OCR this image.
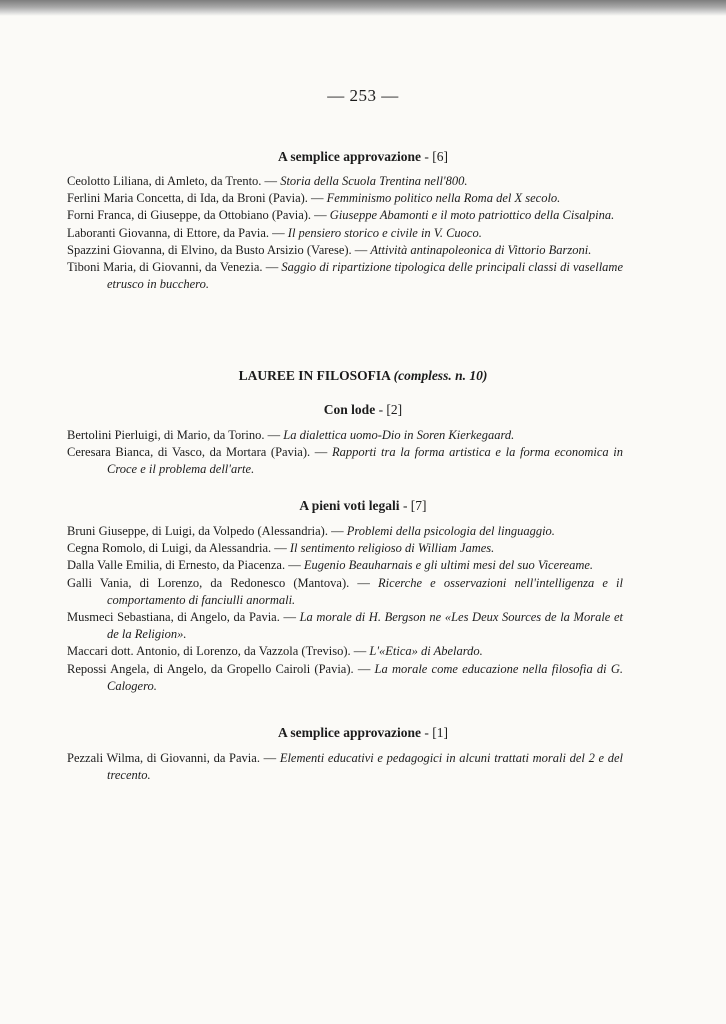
— 253 —
A semplice approvazione - [6]

Ceolotto Liliana, di Amleto, da Trento. — Storia della Scuola Trentina nell'800.

Ferlini Maria Concetta, di Ida, da Broni (Pavia). — Femminismo politico nella Roma del X secolo.

Forni Franca, di Giuseppe, da Ottobiano (Pavia). — Giuseppe Abamonti e il moto patriottico della Cisalpina.

Laboranti Giovanna, di Ettore, da Pavia. — Il pensiero storico e civile in V. Cuoco.

Spazzini Giovanna, di Elvino, da Busto Arsizio (Varese). — Attività antinapoleonica di Vittorio Barzoni.

Tiboni Maria, di Giovanni, da Venezia. — Saggio di ripartizione tipologica delle principali classi di vasellame etrusco in bucchero.

LAUREE IN FILOSOFIA (compless. n. 10)
Con lode - [2]

Bertolini Pierluigi, di Mario, da Torino. — La dialettica uomo-Dio in Soren Kierkegaard.

Ceresara Bianca, di Vasco, da Mortara (Pavia). — Rapporti tra la forma artistica e la forma economica in Croce e il problema dell'arte.

A pieni voti legali - [7]

Bruni Giuseppe, di Luigi, da Volpedo (Alessandria). — Problemi della psicologia del linguaggio.

Cegna Romolo, di Luigi, da Alessandria. — Il sentimento religioso di William James.

Dalla Valle Emilia, di Ernesto, da Piacenza. — Eugenio Beauharnais e gli ultimi mesi del suo Vicereame.

Galli Vania, di Lorenzo, da Redonesco (Mantova). — Ricerche e osservazioni nell'intelligenza e il comportamento di fanciulli anormali.

Musmeci Sebastiana, di Angelo, da Pavia. — La morale di H. Bergson ne «Les Deux Sources de la Morale et de la Religion».

Maccari dott. Antonio, di Lorenzo, da Vazzola (Treviso). — L'«Etica» di Abelardo.

Repossi Angela, di Angelo, da Gropello Cairoli (Pavia). — La morale come educazione nella filosofia di G. Calogero.

A semplice approvazione - [1]

Pezzali Wilma, di Giovanni, da Pavia. — Elementi educativi e pedagogici in alcuni trattati morali del 2 e del trecento.
